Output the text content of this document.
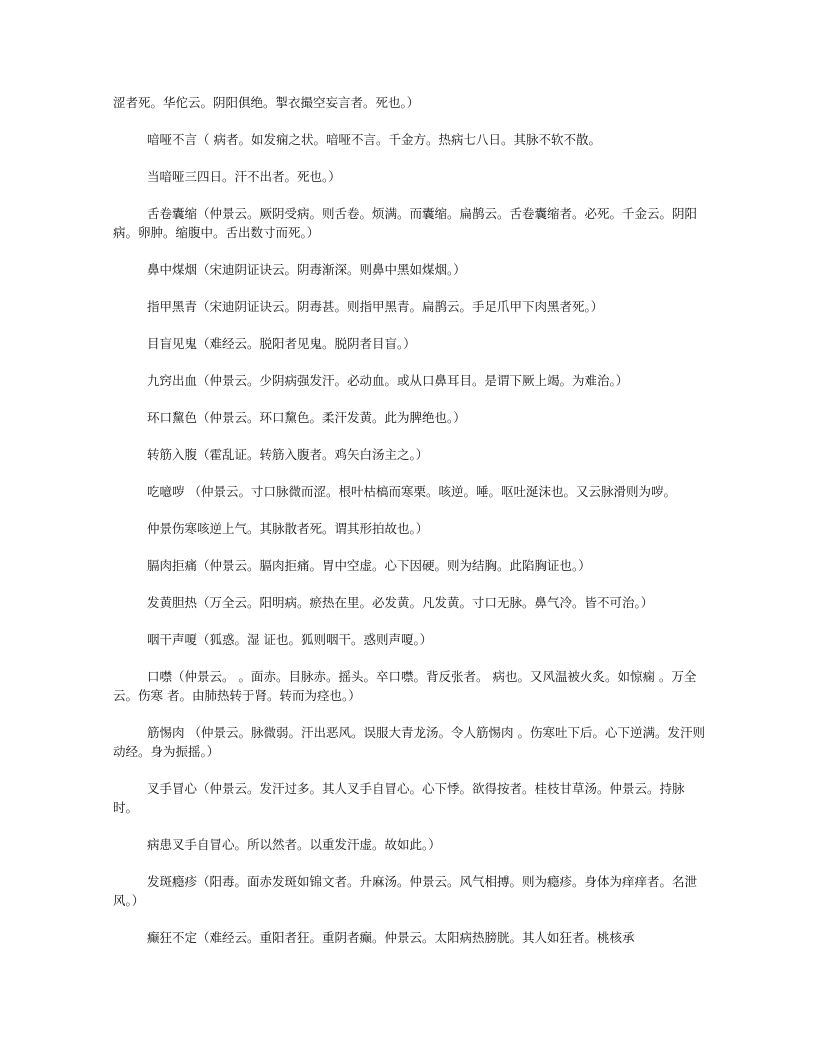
涩者死。华佗云。阴阳俱绝。掣衣撮空妄言者。死也。）

喑哑不言（ 病者。如发痫之状。喑哑不言。千金方。热病七八日。其脉不软不散。

当喑哑三四日。汗不出者。死也。）

舌卷囊缩（仲景云。厥阴受病。则舌卷。烦满。而囊缩。扁鹊云。舌卷囊缩者。必死。千金云。阴阳病。卵肿。缩腹中。舌出数寸而死。）

鼻中煤烟（宋迪阴证诀云。阴毒渐深。则鼻中黑如煤烟。）

指甲黑青（宋迪阴证诀云。阴毒甚。则指甲黑青。扁鹊云。手足爪甲下肉黑者死。）

目盲见鬼（难经云。脱阳者见鬼。脱阴者目盲。）

九窍出血（仲景云。少阴病强发汗。必动血。或从口鼻耳目。是谓下厥上竭。为难治。）

环口黧色（仲景云。环口黧色。柔汗发黄。此为脾绝也。）

转筋入腹（霍乱证。转筋入腹者。鸡矢白汤主之。）

吃噫哕 （仲景云。寸口脉微而涩。根叶枯槁而寒栗。咳逆。唾。呕吐涎沫也。又云脉滑则为哕。

仲景伤寒咳逆上气。其脉散者死。谓其形拍故也。）

膈肉拒痛（仲景云。膈肉拒痛。胃中空虚。心下因硬。则为结胸。此陷胸证也。）

发黄胆热（万全云。阳明病。瘀热在里。必发黄。凡发黄。寸口无脉。鼻气冷。皆不可治。）

咽干声嗄（狐惑。湿 证也。狐则咽干。惑则声嗄。）

口噤（仲景云。 。面赤。目脉赤。摇头。卒口噤。背反张者。 病也。又风温被火炙。如惊痫 。万全云。伤寒 者。由肺热转于肾。转而为痉也。）

筋惕肉 （仲景云。脉微弱。汗出恶风。误服大青龙汤。令人筋惕肉 。伤寒吐下后。心下逆满。发汗则动经。身为振摇。）

叉手冒心（仲景云。发汗过多。其人叉手自冒心。心下悸。欲得按者。桂枝甘草汤。仲景云。持脉时。

病患叉手自冒心。所以然者。以重发汗虚。故如此。）

发斑瘾疹（阳毒。面赤发斑如锦文者。升麻汤。仲景云。风气相搏。则为瘾疹。身体为痒痒者。名泄风。）

癫狂不定（难经云。重阳者狂。重阴者癫。仲景云。太阳病热膀胱。其人如狂者。桃核承
